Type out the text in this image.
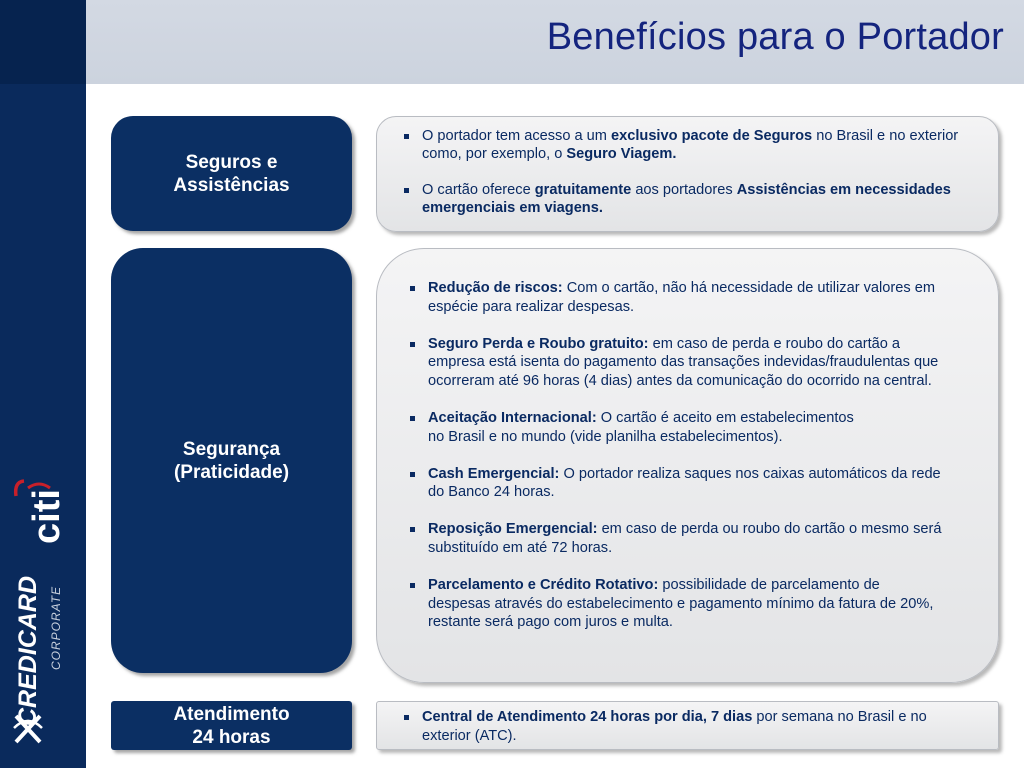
citi
CREDICARD CORPORATE
Benefícios para o Portador
Seguros e
Assistências
O portador tem acesso a um exclusivo pacote de Seguros no Brasil e no exterior como, por exemplo, o Seguro Viagem.
O cartão oferece gratuitamente aos portadores Assistências em necessidades emergenciais em viagens.
Segurança
(Praticidade)
Redução de riscos: Com o cartão, não há necessidade de utilizar valores em espécie para realizar despesas.
Seguro Perda e Roubo gratuito: em caso de perda e roubo do cartão a empresa está isenta do pagamento das transações indevidas/fraudulentas que ocorreram até 96 horas (4 dias) antes da comunicação do ocorrido na central.
Aceitação Internacional: O cartão é aceito em estabelecimentos no Brasil e no mundo (vide planilha estabelecimentos).
Cash Emergencial: O portador realiza saques nos caixas automáticos da rede do Banco 24 horas.
Reposição Emergencial: em caso de perda ou roubo do cartão o mesmo será substituído em até 72 horas.
Parcelamento e Crédito Rotativo: possibilidade de parcelamento de despesas através do estabelecimento e pagamento mínimo da fatura de 20%, restante será pago com juros e multa.
Atendimento
24 horas
Central de Atendimento 24 horas por dia, 7 dias por semana no Brasil e no exterior (ATC).
